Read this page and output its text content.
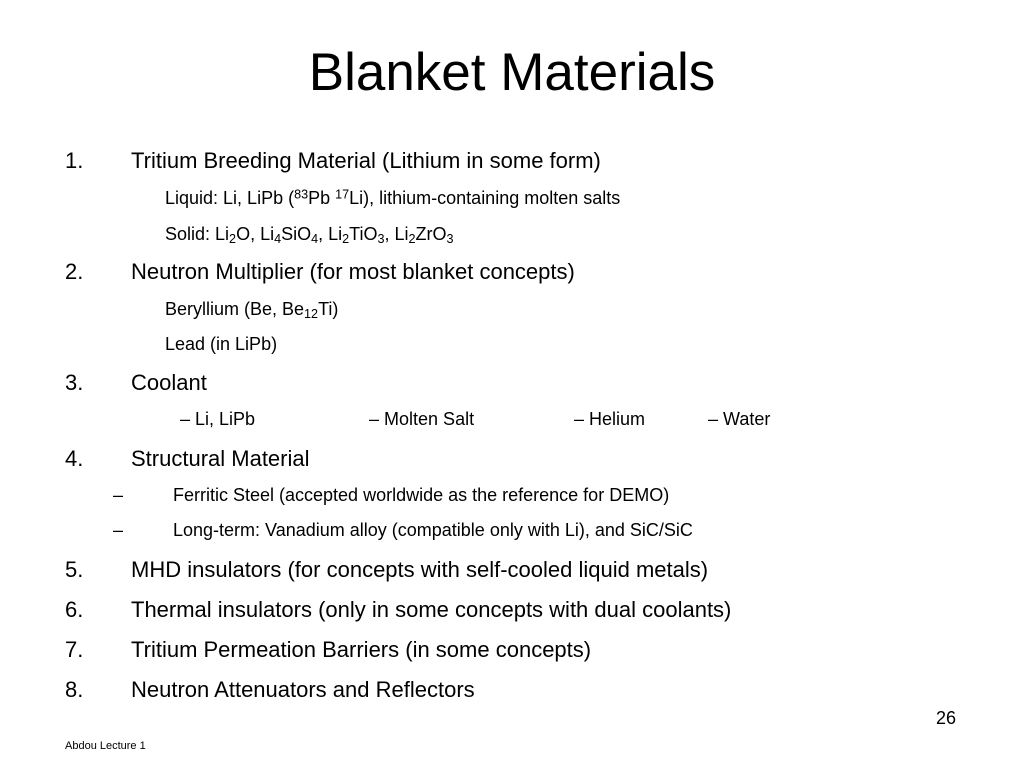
Blanket Materials
1. Tritium Breeding Material (Lithium in some form)
Liquid: Li, LiPb ($^{83}$Pb $^{17}$Li), lithium-containing molten salts
Solid: $Li_2O$, $Li_4SiO_4$, $Li_2TiO_3$, $Li_2ZrO_3$
2. Neutron Multiplier (for most blanket concepts)
Beryllium (Be, $Be_{12}Ti$)
Lead (in LiPb)
3. Coolant
– Li, LiPb	– Molten Salt	– Helium	– Water
4. Structural Material
–	Ferritic Steel (accepted worldwide as the reference for DEMO)
–	Long-term: Vanadium alloy (compatible only with Li), and SiC/SiC
5. MHD insulators (for concepts with self-cooled liquid metals)
6. Thermal insulators (only in some concepts with dual coolants)
7. Tritium Permeation Barriers (in some concepts)
8. Neutron Attenuators and Reflectors
26
Abdou Lecture 1
